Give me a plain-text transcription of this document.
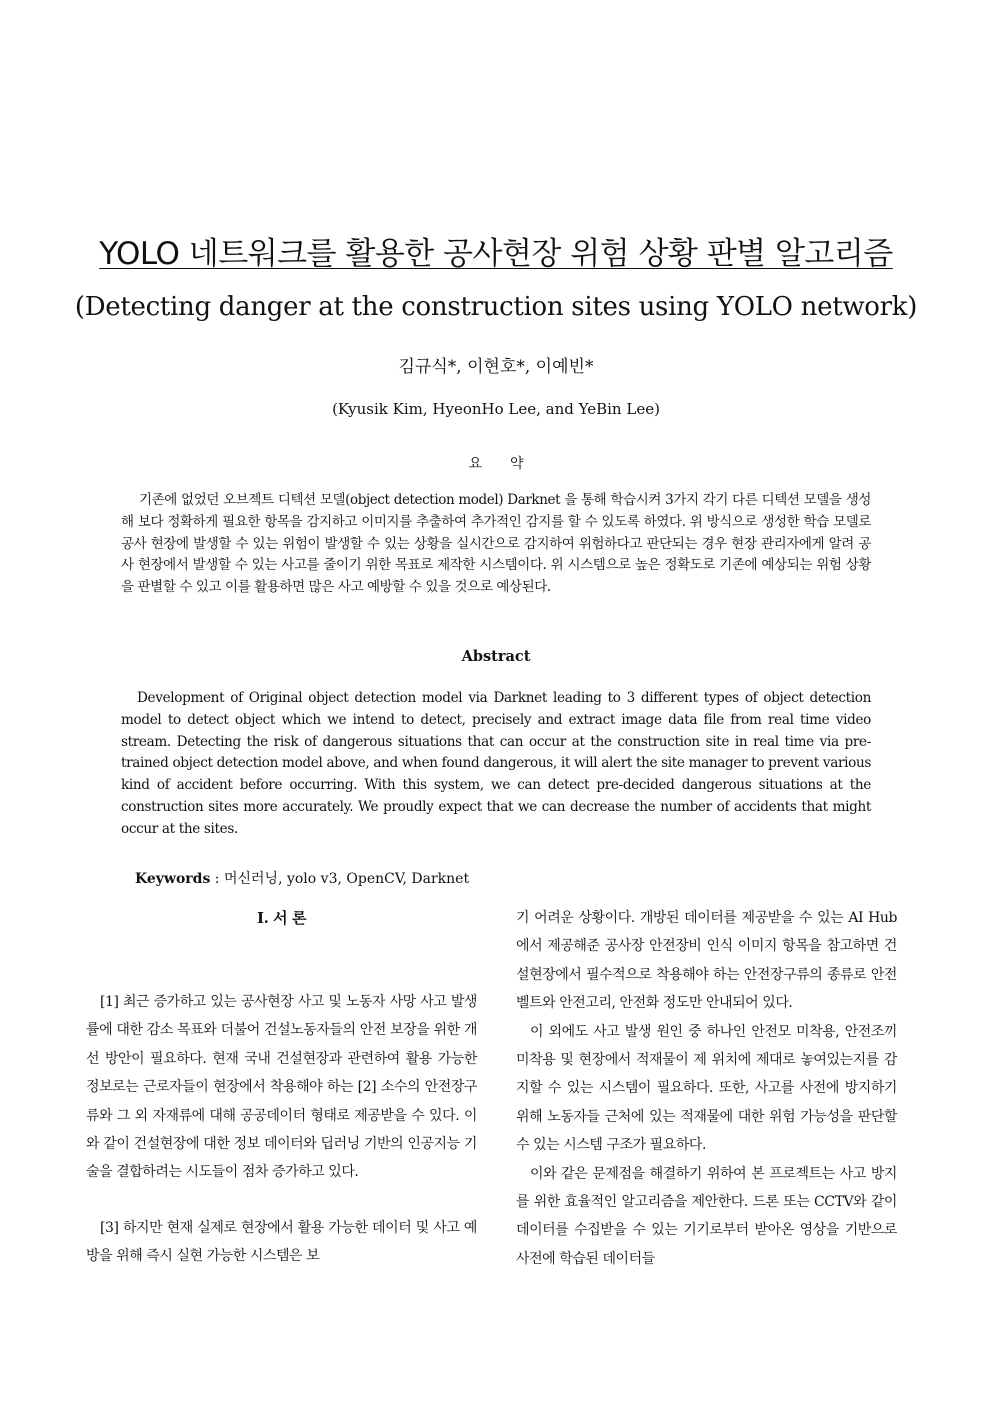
YOLO 네트워크를 활용한 공사현장 위험 상황 판별 알고리즘
(Detecting danger at the construction sites using YOLO network)
김규식*, 이현호*, 이예빈*
(Kyusik Kim, HyeonHo Lee, and YeBin Lee)
요 약

기존에 없었던 오브젝트 디텍션 모델(object detection model) Darknet 을 통해 학습시켜 3가지 각기 다른 디텍션 모델을 생성해 보다 정확하게 필요한 항목을 감지하고 이미지를 추출하여 추가적인 감지를 할 수 있도록 하였다. 위 방식으로 생성한 학습 모델로 공사 현장에 발생할 수 있는 위험이 발생할 수 있는 상황을 실시간으로 감지하여 위험하다고 판단되는 경우 현장 관리자에게 알려 공사 현장에서 발생할 수 있는 사고를 줄이기 위한 목표로 제작한 시스템이다. 위 시스템으로 높은 정확도로 기존에 예상되는 위험 상황을 판별할 수 있고 이를 활용하면 많은 사고 예방할 수 있을 것으로 예상된다.

Abstract

Development of Original object detection model via Darknet leading to 3 different types of object detection model to detect object which we intend to detect, precisely and extract image data file from real time video stream. Detecting the risk of dangerous situations that can occur at the construction site in real time via pre-trained object detection model above, and when found dangerous, it will alert the site manager to prevent various kind of accident before occurring. With this system, we can detect pre-decided dangerous situations at the construction sites more accurately. We proudly expect that we can decrease the number of accidents that might occur at the sites.

Keywords : 머신러닝, yolo v3, OpenCV, Darknet
Ⅰ. 서 론

[1] 최근 증가하고 있는 공사현장 사고 및 노동자 사망 사고 발생률에 대한 감소 목표와 더불어 건설노동자들의 안전 보장을 위한 개선 방안이 필요하다. 현재 국내 건설현장과 관련하여 활용 가능한 정보로는 근로자들이 현장에서 착용해야 하는 [2] 소수의 안전장구류와 그 외 자재류에 대해 공공데이터 형태로 제공받을 수 있다. 이와 같이 건설현장에 대한 정보 데이터와 딥러닝 기반의 인공지능 기술을 결합하려는 시도들이 점차 증가하고 있다.

[3] 하지만 현재 실제로 현장에서 활용 가능한 데이터 및 사고 예방을 위해 즉시 실현 가능한 시스템은 보

기 어려운 상황이다. 개방된 데이터를 제공받을 수 있는 AI Hub에서 제공해준 공사장 안전장비 인식 이미지 항목을 참고하면 건설현장에서 필수적으로 착용해야 하는 안전장구류의 종류로 안전벨트와 안전고리, 안전화 정도만 안내되어 있다.

이 외에도 사고 발생 원인 중 하나인 안전모 미착용, 안전조끼 미착용 및 현장에서 적재물이 제 위치에 제대로 놓여있는지를 감지할 수 있는 시스템이 필요하다. 또한, 사고를 사전에 방지하기 위해 노동자들 근처에 있는 적재물에 대한 위험 가능성을 판단할 수 있는 시스템 구조가 필요하다.

이와 같은 문제점을 해결하기 위하여 본 프로젝트는 사고 방지를 위한 효율적인 알고리즘을 제안한다. 드론 또는 CCTV와 같이 데이터를 수집받을 수 있는 기기로부터 받아온 영상을 기반으로 사전에 학습된 데이터들
